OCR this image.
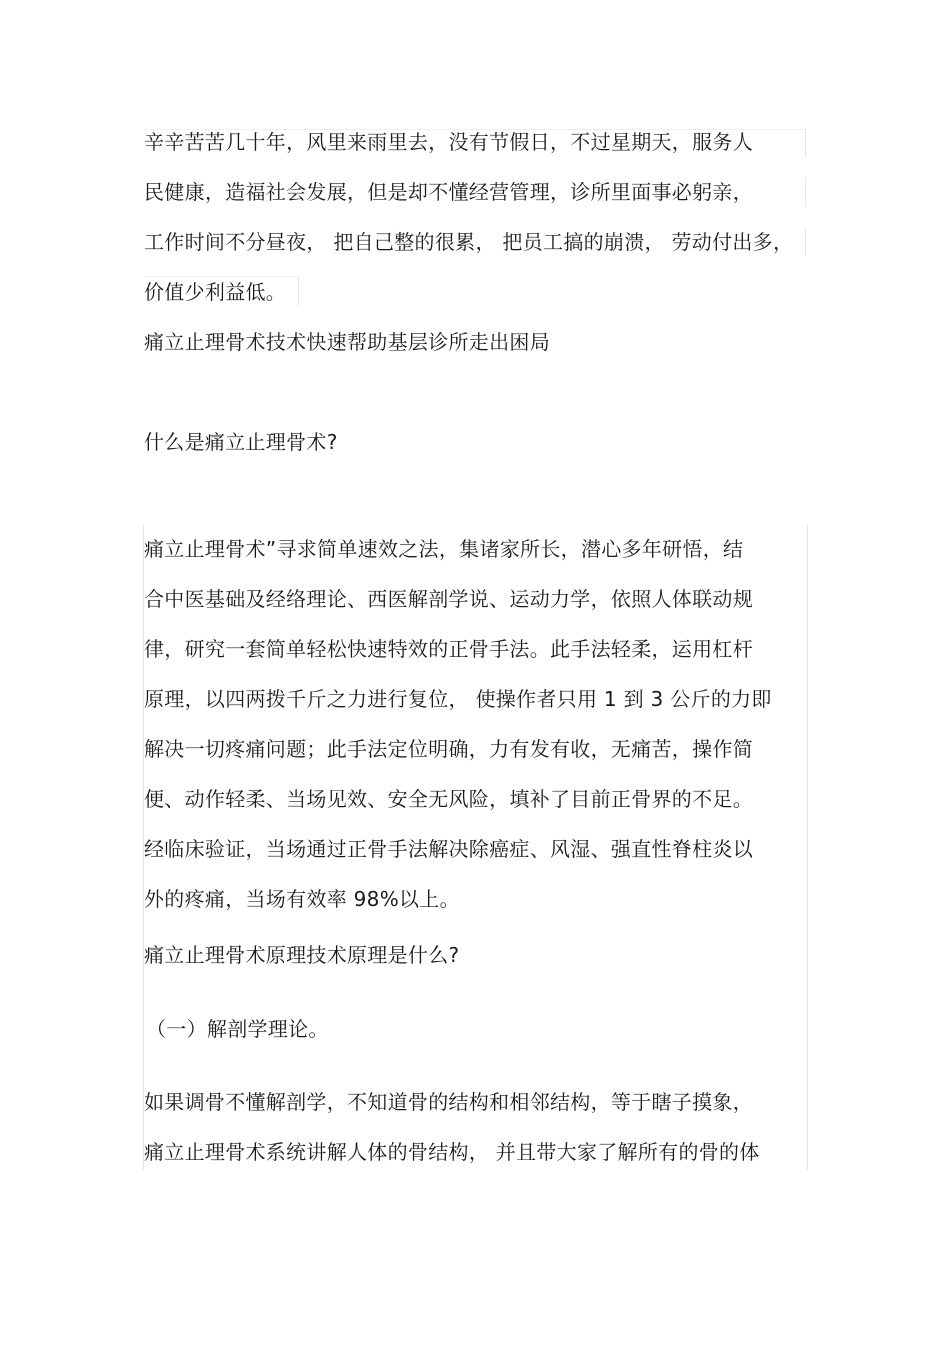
辛辛苦苦几十年，风里来雨里去，没有节假日，不过星期天，服务人
民健康，造福社会发展，但是却不懂经营管理，诊所里面事必躬亲，
工作时间不分昼夜， 把自己整的很累， 把员工搞的崩溃， 劳动付出多，
价值少利益低。
痛立止理骨术技术快速帮助基层诊所走出困局
什么是痛立止理骨术?
痛立止理骨术”寻求简单速效之法，集诸家所长，潜心多年研悟，结
合中医基础及经络理论、西医解剖学说、运动力学，依照人体联动规
律，研究一套简单轻松快速特效的正骨手法。此手法轻柔，运用杠杆
原理，以四两拨千斤之力进行复位， 使操作者只用 1 到 3 公斤的力即
解决一切疼痛问题；此手法定位明确，力有发有收，无痛苦，操作简
便、动作轻柔、当场见效、安全无风险，填补了目前正骨界的不足。
经临床验证，当场通过正骨手法解决除癌症、风湿、强直性脊柱炎以
外的疼痛，当场有效率 98%以上。
痛立止理骨术原理技术原理是什么?
（一）解剖学理论。
如果调骨不懂解剖学，不知道骨的结构和相邻结构，等于瞎子摸象，
痛立止理骨术系统讲解人体的骨结构， 并且带大家了解所有的骨的体
